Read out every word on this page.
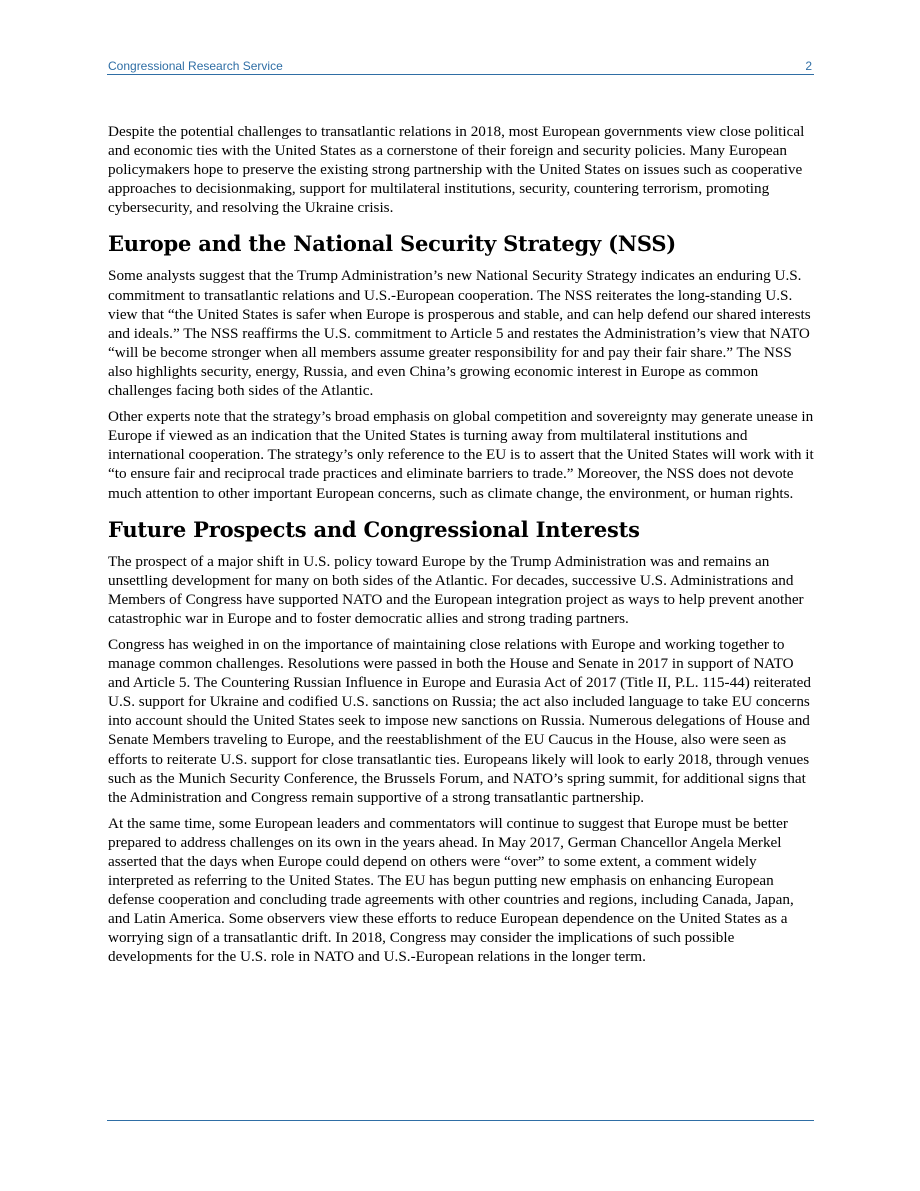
Congressional Research Service	2

Despite the potential challenges to transatlantic relations in 2018, most European governments view close political and economic ties with the United States as a cornerstone of their foreign and security policies. Many European policymakers hope to preserve the existing strong partnership with the United States on issues such as cooperative approaches to decisionmaking, support for multilateral institutions, security, countering terrorism, promoting cybersecurity, and resolving the Ukraine crisis.

Europe and the National Security Strategy (NSS)

Some analysts suggest that the Trump Administration’s new National Security Strategy indicates an enduring U.S. commitment to transatlantic relations and U.S.-European cooperation. The NSS reiterates the long-standing U.S. view that “the United States is safer when Europe is prosperous and stable, and can help defend our shared interests and ideals.” The NSS reaffirms the U.S. commitment to Article 5 and restates the Administration’s view that NATO “will be become stronger when all members assume greater responsibility for and pay their fair share.” The NSS also highlights security, energy, Russia, and even China’s growing economic interest in Europe as common challenges facing both sides of the Atlantic.

Other experts note that the strategy’s broad emphasis on global competition and sovereignty may generate unease in Europe if viewed as an indication that the United States is turning away from multilateral institutions and international cooperation. The strategy’s only reference to the EU is to assert that the United States will work with it “to ensure fair and reciprocal trade practices and eliminate barriers to trade.” Moreover, the NSS does not devote much attention to other important European concerns, such as climate change, the environment, or human rights.

Future Prospects and Congressional Interests

The prospect of a major shift in U.S. policy toward Europe by the Trump Administration was and remains an unsettling development for many on both sides of the Atlantic. For decades, successive U.S. Administrations and Members of Congress have supported NATO and the European integration project as ways to help prevent another catastrophic war in Europe and to foster democratic allies and strong trading partners.

Congress has weighed in on the importance of maintaining close relations with Europe and working together to manage common challenges. Resolutions were passed in both the House and Senate in 2017 in support of NATO and Article 5. The Countering Russian Influence in Europe and Eurasia Act of 2017 (Title II, P.L. 115-44) reiterated U.S. support for Ukraine and codified U.S. sanctions on Russia; the act also included language to take EU concerns into account should the United States seek to impose new sanctions on Russia. Numerous delegations of House and Senate Members traveling to Europe, and the reestablishment of the EU Caucus in the House, also were seen as efforts to reiterate U.S. support for close transatlantic ties. Europeans likely will look to early 2018, through venues such as the Munich Security Conference, the Brussels Forum, and NATO’s spring summit, for additional signs that the Administration and Congress remain supportive of a strong transatlantic partnership.

At the same time, some European leaders and commentators will continue to suggest that Europe must be better prepared to address challenges on its own in the years ahead. In May 2017, German Chancellor Angela Merkel asserted that the days when Europe could depend on others were “over” to some extent, a comment widely interpreted as referring to the United States. The EU has begun putting new emphasis on enhancing European defense cooperation and concluding trade agreements with other countries and regions, including Canada, Japan, and Latin America. Some observers view these efforts to reduce European dependence on the United States as a worrying sign of a transatlantic drift. In 2018, Congress may consider the implications of such possible developments for the U.S. role in NATO and U.S.-European relations in the longer term.
